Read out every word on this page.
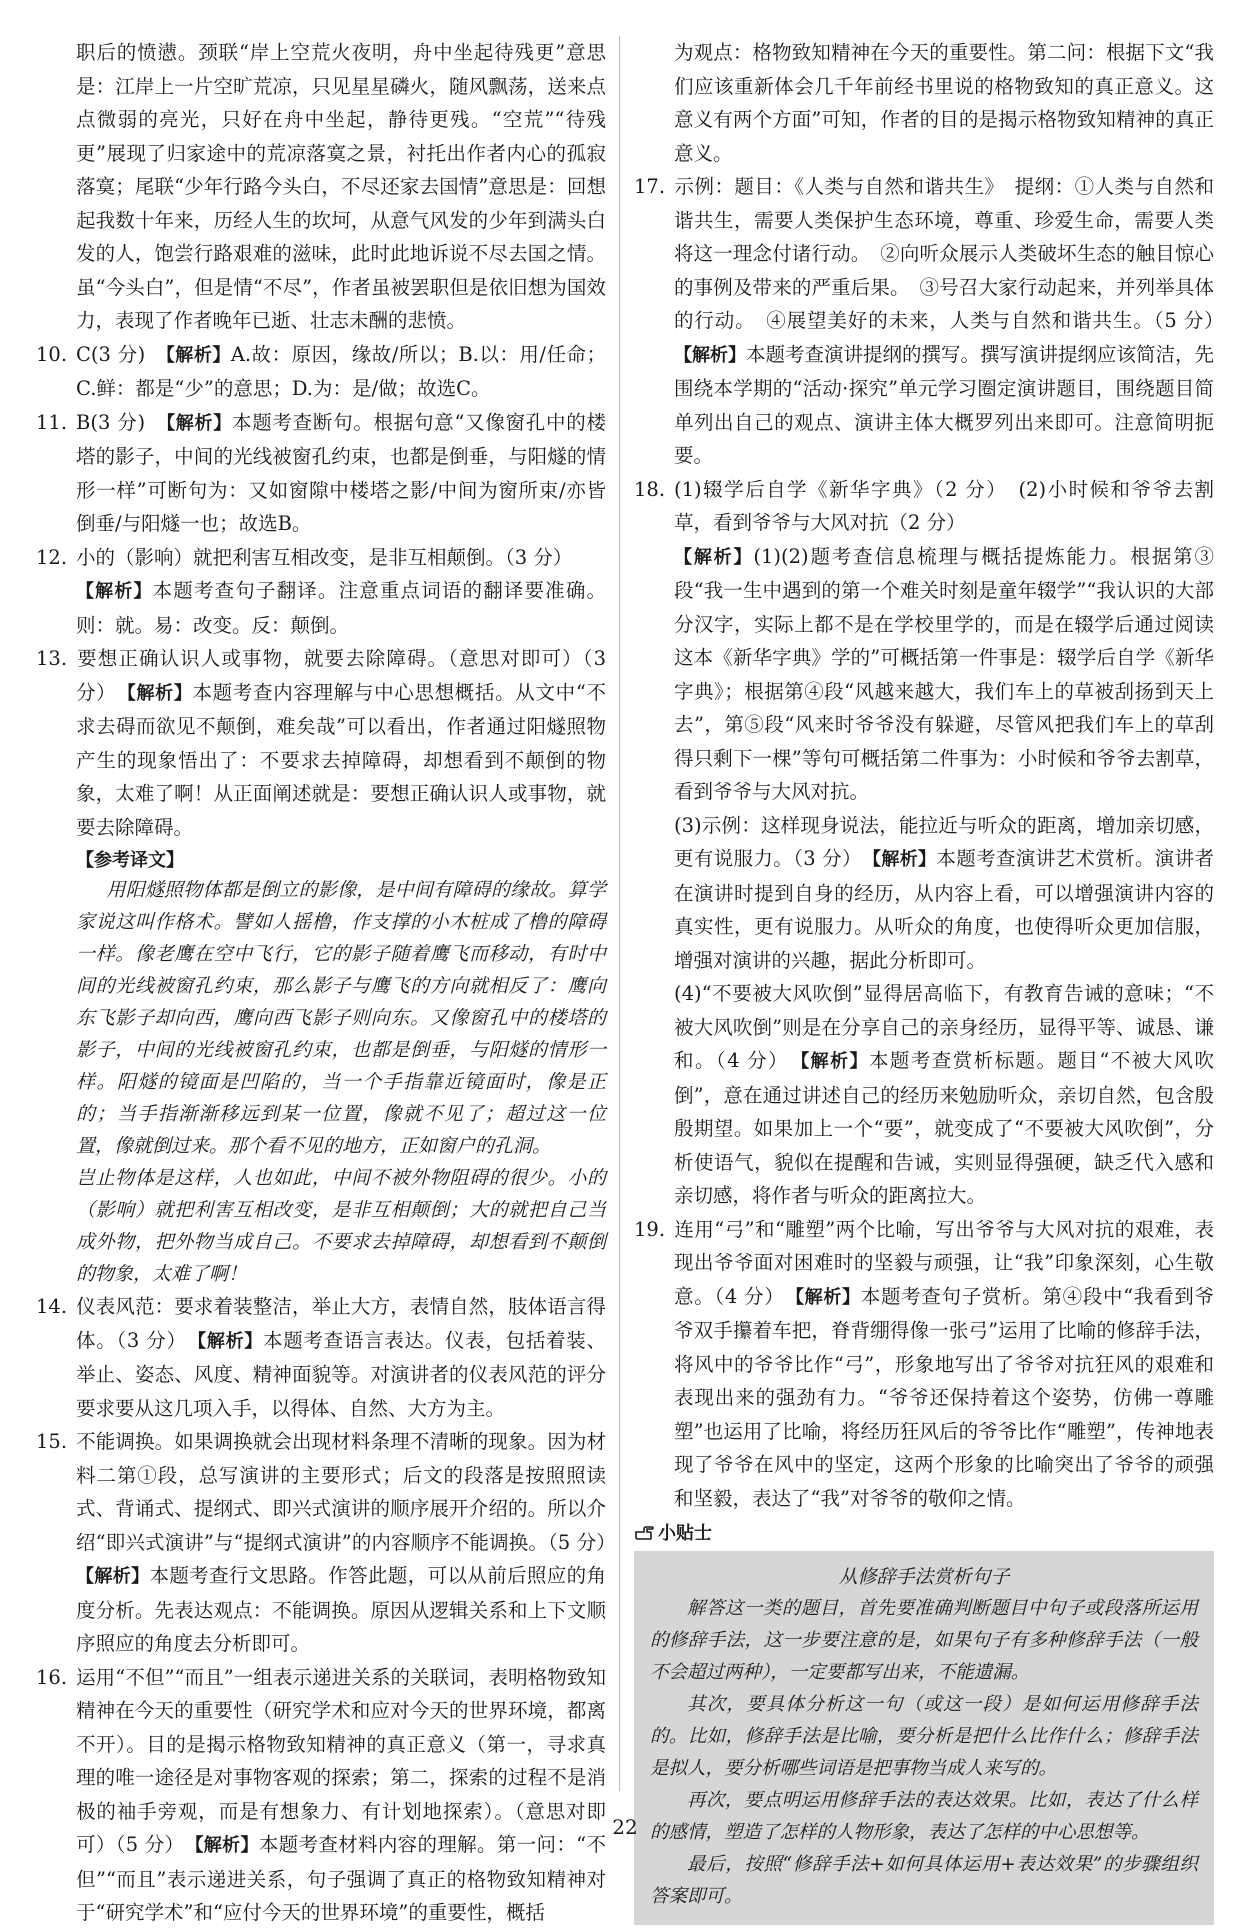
职后的愤懑。颈联“岸上空荒火夜明，舟中坐起待残更”意思是：江岸上一片空旷荒凉，只见星星磷火，随风飘荡，送来点点微弱的亮光，只好在舟中坐起，静待更残。“空荒”“待残更”展现了归家途中的荒凉落寞之景，衬托出作者内心的孤寂落寞；尾联“少年行路今头白，不尽还家去国情”意思是：回想起我数十年来，历经人生的坎坷，从意气风发的少年到满头白发的人，饱尝行路艰难的滋味，此时此地诉说不尽去国之情。虽“今头白”，但是情“不尽”，作者虽被罢职但是依旧想为国效力，表现了作者晚年已逝、壮志未酬的悲愤。

10. C(3 分)　 【解析】A.故：原因，缘故/所以；B.以：用/任命；C.鲜：都是“少”的意思；D.为：是/做；故选C。

11. B(3 分)　 【解析】本题考查断句。根据句意“又像窗孔中的楼塔的影子，中间的光线被窗孔约束，也都是倒垂，与阳燧的情形一样”可断句为：又如窗隙中楼塔之影/中间为窗所束/亦皆倒垂/与阳燧一也；故选B。

12. 小的（影响）就把利害互相改变，是非互相颠倒。（3 分）
【解析】本题考查句子翻译。注意重点词语的翻译要准确。则：就。易：改变。反：颠倒。

13. 要想正确认识人或事物，就要去除障碍。（意思对即可）（3 分）　 【解析】本题考查内容理解与中心思想概括。从文中“不求去碍而欲见不颠倒，难矣哉”可以看出，作者通过阳燧照物产生的现象悟出了：不要求去掉障碍，却想看到不颠倒的物象，太难了啊！从正面阐述就是：要想正确认识人或事物，就要去除障碍。

【参考译文】

用阳燧照物体都是倒立的影像，是中间有障碍的缘故。算学家说这叫作格术。譬如人摇橹，作支撑的小木桩成了橹的障碍一样。像老鹰在空中飞行，它的影子随着鹰飞而移动，有时中间的光线被窗孔约束，那么影子与鹰飞的方向就相反了：鹰向东飞影子却向西，鹰向西飞影子则向东。又像窗孔中的楼塔的影子，中间的光线被窗孔约束，也都是倒垂，与阳燧的情形一样。阳燧的镜面是凹陷的，当一个手指靠近镜面时，像是正的；当手指渐渐移远到某一位置，像就不见了；超过这一位置，像就倒过来。那个看不见的地方，正如窗户的孔洞。

岂止物体是这样，人也如此，中间不被外物阻碍的很少。小的（影响）就把利害互相改变，是非互相颠倒；大的就把自己当成外物，把外物当成自己。不要求去掉障碍，却想看到不颠倒的物象，太难了啊！

14. 仪表风范：要求着装整洁，举止大方，表情自然，肢体语言得体。（3 分）　 【解析】本题考查语言表达。仪表，包括着装、举止、姿态、风度、精神面貌等。对演讲者的仪表风范的评分要求要从这几项入手，以得体、自然、大方为主。

15. 不能调换。如果调换就会出现材料条理不清晰的现象。因为材料二第①段，总写演讲的主要形式；后文的段落是按照照读式、背诵式、提纲式、即兴式演讲的顺序展开介绍的。所以介绍“即兴式演讲”与“提纲式演讲”的内容顺序不能调换。（5 分）　【解析】本题考查行文思路。作答此题，可以从前后照应的角度分析。先表达观点：不能调换。原因从逻辑关系和上下文顺序照应的角度去分析即可。

16. 运用“不但”“而且”一组表示递进关系的关联词，表明格物致知精神在今天的重要性（研究学术和应对今天的世界环境，都离不开）。目的是揭示格物致知精神的真正意义（第一，寻求真理的唯一途径是对事物客观的探索；第二，探索的过程不是消极的袖手旁观，而是有想象力、有计划地探索）。（意思对即可）（5 分）　 【解析】本题考查材料内容的理解。第一问：“不但”“而且”表示递进关系，句子强调了真正的格物致知精神对于“研究学术”和“应付今天的世界环境”的重要性，概括

为观点：格物致知精神在今天的重要性。第二问：根据下文“我们应该重新体会几千年前经书里说的格物致知的真正意义。这意义有两个方面”可知，作者的目的是揭示格物致知精神的真正意义。

17. 示例：题目：《人类与自然和谐共生》　提纲：①人类与自然和谐共生，需要人类保护生态环境，尊重、珍爱生命，需要人类将这一理念付诸行动。　②向听众展示人类破坏生态的触目惊心的事例及带来的严重后果。　③号召大家行动起来，并列举具体的行动。　④展望美好的未来，人类与自然和谐共生。（5 分）　【解析】本题考查演讲提纲的撰写。撰写演讲提纲应该简洁，先围绕本学期的“活动·探究”单元学习圈定演讲题目，围绕题目简单列出自己的观点、演讲主体大概罗列出来即可。注意简明扼要。

18. (1)辍学后自学《新华字典》（2 分）　(2)小时候和爷爷去割草，看到爷爷与大风对抗（2 分）

【解析】(1)(2)题考查信息梳理与概括提炼能力。根据第③段“我一生中遇到的第一个难关时刻是童年辍学”“我认识的大部分汉字，实际上都不是在学校里学的，而是在辍学后通过阅读这本《新华字典》学的”可概括第一件事是：辍学后自学《新华字典》；根据第④段“风越来越大，我们车上的草被刮扬到天上去”，第⑤段“风来时爷爷没有躲避，尽管风把我们车上的草刮得只剩下一棵”等句可概括第二件事为：小时候和爷爷去割草，看到爷爷与大风对抗。

(3)示例：这样现身说法，能拉近与听众的距离，增加亲切感，更有说服力。（3 分）　 【解析】本题考查演讲艺术赏析。演讲者在演讲时提到自身的经历，从内容上看，可以增强演讲内容的真实性，更有说服力。从听众的角度，也使得听众更加信服，增强对演讲的兴趣，据此分析即可。

(4)“不要被大风吹倒”显得居高临下，有教育告诫的意味；“不被大风吹倒”则是在分享自己的亲身经历，显得平等、诚恳、谦和。（4 分）　 【解析】本题考查赏析标题。题目“不被大风吹倒”，意在通过讲述自己的经历来勉励听众，亲切自然，包含殷殷期望。如果加上一个“要”，就变成了“不要被大风吹倒”，分析使语气，貌似在提醒和告诫，实则显得强硬，缺乏代入感和亲切感，将作者与听众的距离拉大。

19. 连用“弓”和“雕塑”两个比喻，写出爷爷与大风对抗的艰难，表现出爷爷面对困难时的坚毅与顽强，让“我”印象深刻，心生敬意。（4 分）　 【解析】本题考查句子赏析。第④段中“我看到爷爷双手攥着车把，脊背绷得像一张弓”运用了比喻的修辞手法，将风中的爷爷比作“弓”，形象地写出了爷爷对抗狂风的艰难和表现出来的强劲有力。“爷爷还保持着这个姿势，仿佛一尊雕塑”也运用了比喻，将经历狂风后的爷爷比作“雕塑”，传神地表现了爷爷在风中的坚定，这两个形象的比喻突出了爷爷的顽强和坚毅，表达了“我”对爷爷的敬仰之情。

小贴士
从修辞手法赏析句子

解答这一类的题目，首先要准确判断题目中句子或段落所运用的修辞手法，这一步要注意的是，如果句子有多种修辞手法（一般不会超过两种），一定要都写出来，不能遗漏。

其次，要具体分析这一句（或这一段）是如何运用修辞手法的。比如，修辞手法是比喻，要分析是把什么比作什么；修辞手法是拟人，要分析哪些词语是把事物当成人来写的。

再次，要点明运用修辞手法的表达效果。比如，表达了什么样的感情，塑造了怎样的人物形象，表达了怎样的中心思想等。

最后，按照“修辞手法+如何具体运用+表达效果”的步骤组织答案即可。

22
